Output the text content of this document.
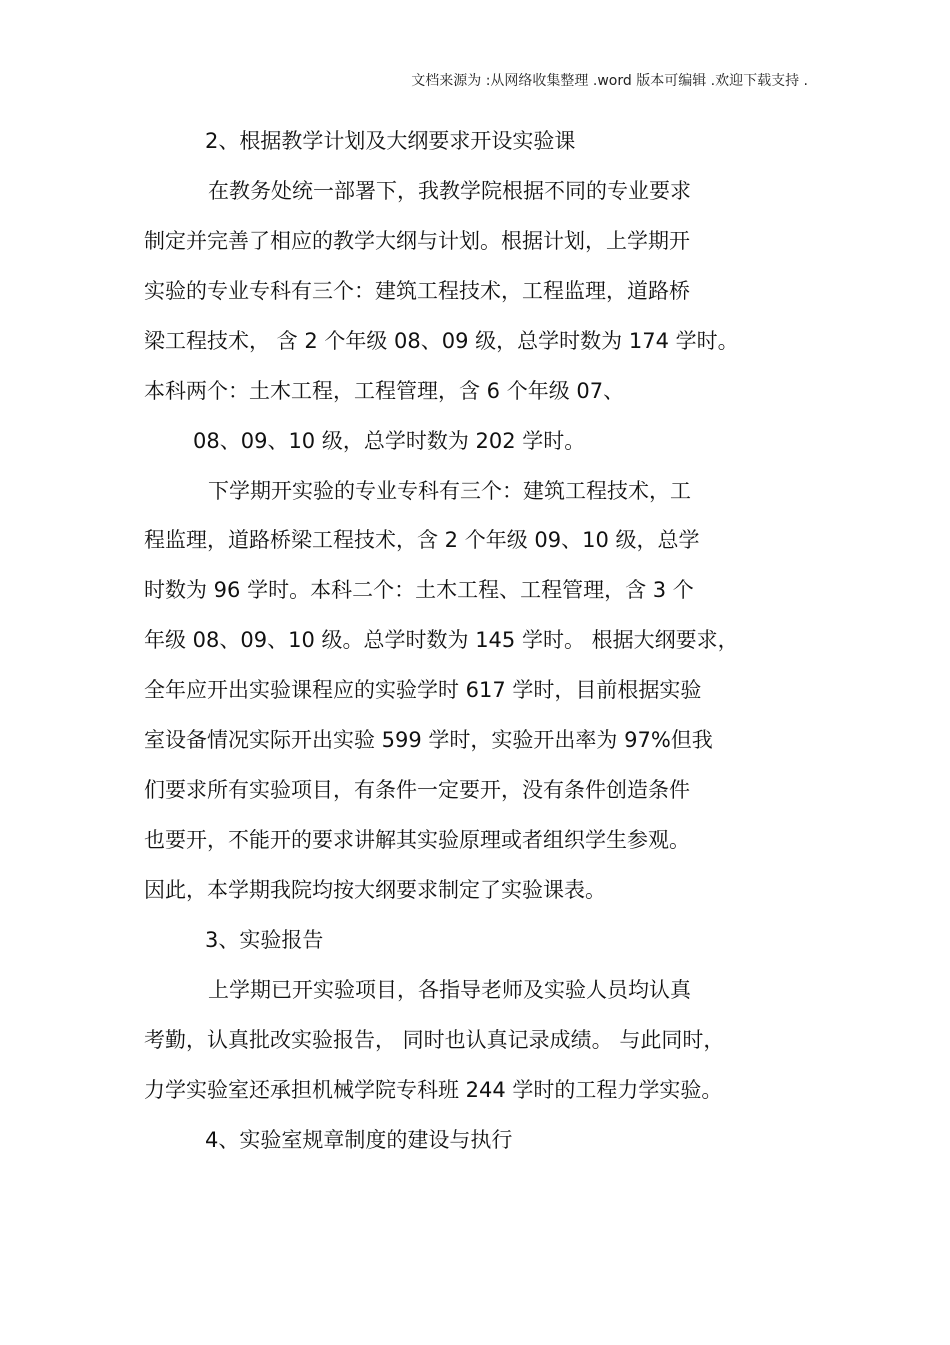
文档来源为 :从网络收集整理 .word 版本可编辑 .欢迎下载支持 .
2、根据教学计划及大纲要求开设实验课
在教务处统一部署下，我教学院根据不同的专业要求
制定并完善了相应的教学大纲与计划。根据计划，上学期开
实验的专业专科有三个：建筑工程技术，工程监理，道路桥
梁工程技术， 含 2 个年级 08、09 级，总学时数为 174 学时。
本科两个：土木工程，工程管理，含 6 个年级 07、
08、09、10 级，总学时数为 202 学时。
下学期开实验的专业专科有三个：建筑工程技术，工
程监理，道路桥梁工程技术，含 2 个年级 09、10 级，总学
时数为 96 学时。本科二个：土木工程、工程管理，含 3 个
年级 08、09、10 级。总学时数为 145 学时。 根据大纲要求，
全年应开出实验课程应的实验学时 617 学时，目前根据实验
室设备情况实际开出实验 599 学时，实验开出率为 97%但我
们要求所有实验项目，有条件一定要开，没有条件创造条件
也要开，不能开的要求讲解其实验原理或者组织学生参观。
因此，本学期我院均按大纲要求制定了实验课表。
3、实验报告
上学期已开实验项目，各指导老师及实验人员均认真
考勤，认真批改实验报告， 同时也认真记录成绩。 与此同时，
力学实验室还承担机械学院专科班 244 学时的工程力学实验。
4、实验室规章制度的建设与执行
